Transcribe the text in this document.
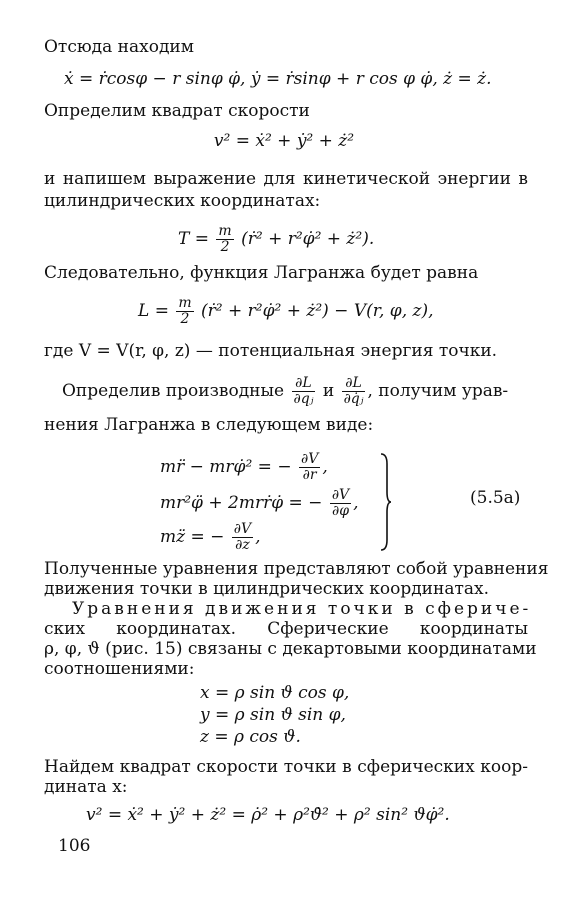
Отсюда находим
ẋ = ṙcosφ − r sinφ φ̇, ẏ = ṙsinφ + r cos φ φ̇, ż = ż.
Определим квадрат скорости
v² = ẋ² + ẏ² + ż²
и напишем выражение для кинетической энергии в
цилиндрических координатах:
$T = \frac{m}{2}$ (ṙ² + r²φ̇² + ż²).
Следовательно, функция Лагранжа будет равна
$L = \frac{m}{2}$ (ṙ² + r²φ̇² + ż²) − V(r, φ, z),
где V = V(r, φ, z) — потенциальная энергия точки.
Определив производные $\frac{\partial L}{\text{∂qⱼ}}$ и $\frac{\partial L}{\text{∂q̇ⱼ}}$ , получим урав-
нения Лагранжа в следующем виде:
mr̈ − mrφ̇² = − $\frac{\partial V}{\partial r}$ ,
mr²φ̈ + 2mrṙφ̇ = − $\frac{\partial V}{\partial\varphi}$ ,
mz̈ = − $\frac{\partial V}{\partial z}$ ,
(5.5a)
Полученные уравнения представляют собой уравнения
движения точки в цилиндрических координатах.
Уравнения движения точки в сфериче-
ских координатах. Сферические координаты
ρ, φ, ϑ (рис. 15) связаны с декартовыми координатами
соотношениями:
x = ρ sin ϑ cos φ,
y = ρ sin ϑ sin φ,
z = ρ cos ϑ.
Найдем квадрат скорости точки в сферических коор-
дината x:
v² = ẋ² + ẏ² + ż² = ρ̇² + ρ²ϑ̇² + ρ² sin² ϑφ̇².
106
